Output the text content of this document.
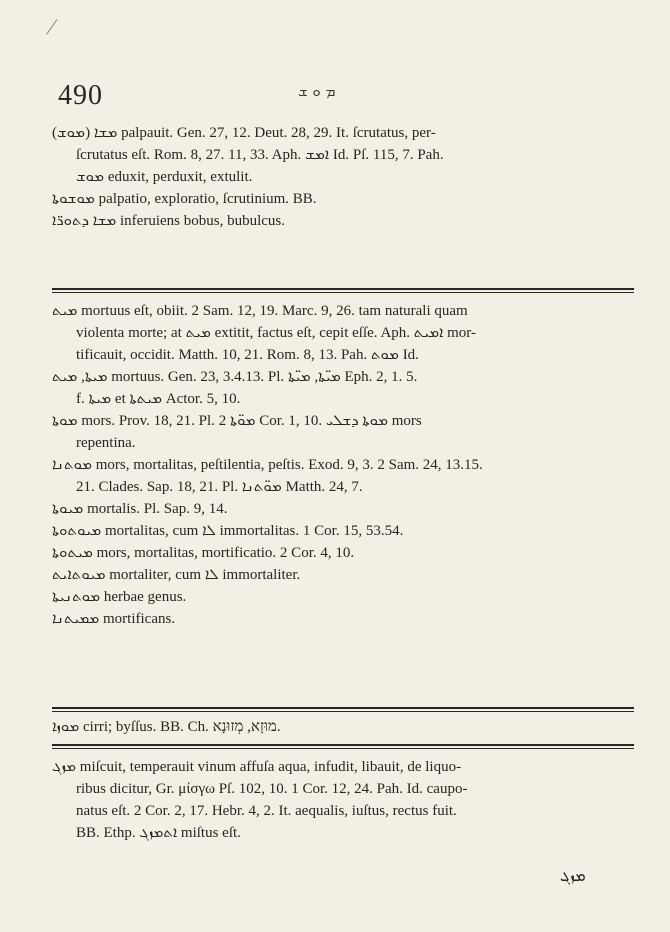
490	ܡ ܘ ܫ
(ܡܘܫ) ܡܫܐ palpauit. Gen. 27, 12. Deut. 28, 29. It. ſcrutatus, per-
ſcrutatus eſt. Rom. 8, 27. 11, 33. Aph. ܐܡܫ Id. Pſ. 115, 7. Pah.
ܡܘܫ eduxit, perduxit, extulit.
ܡܘܫܘܬܐ palpatio, exploratio, ſcrutinium. BB.
ܡܫܐ ܕܬܘܪ̈ܐ inferuiens bobus, bubulcus.
ܡܝܬ mortuus eſt, obiit. 2 Sam. 12, 19. Marc. 9, 26. tam naturali quam
violenta morte; at ܡܝܬ extitit, factus eſt, cepit eſſe. Aph. ܐܡܝܬ mor-
tificauit, occidit. Matth. 10, 21. Rom. 8, 13. Pah. ܡܘܬ Id.
ܡܝܬܐ, ܡܝܬ mortuus. Gen. 23, 3.4.13. Pl. ܡܝ̈ܬܐ, ܡܝ̈ܬܐ Eph. 2, 1. 5.
f. ܡܝܬܐ et ܡܝܬܬܐ Actor. 5, 10.
ܡܘܬܐ mors. Prov. 18, 21. Pl. ܡܘ̈ܬܐ 2 Cor. 1, 10. ܡܘܬܐ ܕܫܠܝ mors
repentina.
ܡܘܬܢܐ mors, mortalitas, peſtilentia, peſtis. Exod. 9, 3. 2 Sam. 24, 13.15.
21. Clades. Sap. 18, 21. Pl. ܡܘ̈ܬܢܐ Matth. 24, 7.
ܡܝܘܬܐ mortalis. Pl. Sap. 9, 14.
ܡܝܘܬܘܬܐ mortalitas, cum ܠܐ immortalitas. 1 Cor. 15, 53.54.
ܡܝܬܘܬܐ mors, mortalitas, mortificatio. 2 Cor. 4, 10.
ܡܝܘܬܐܝܬ mortaliter, cum ܠܐ immortaliter.
ܡܘܬܢܝܬܐ herbae genus.
ܡܡܝܬܢܐ mortificans.
ܡܘܙܐ cirri; byſſus. BB. Ch. מוּזָא, מְזוּנָא.
ܡܙܓ miſcuit, temperauit vinum affuſa aqua, infudit, libauit, de liquo-
ribus dicitur, Gr. μίσγω Pſ. 102, 10. 1 Cor. 12, 24. Pah. Id. caupo-
natus eſt. 2 Cor. 2, 17. Hebr. 4, 2. It. aequalis, iuſtus, rectus fuit.
BB. Ethp. ܐܬܡܙܓ miſtus eſt.
ܡܙܓ
